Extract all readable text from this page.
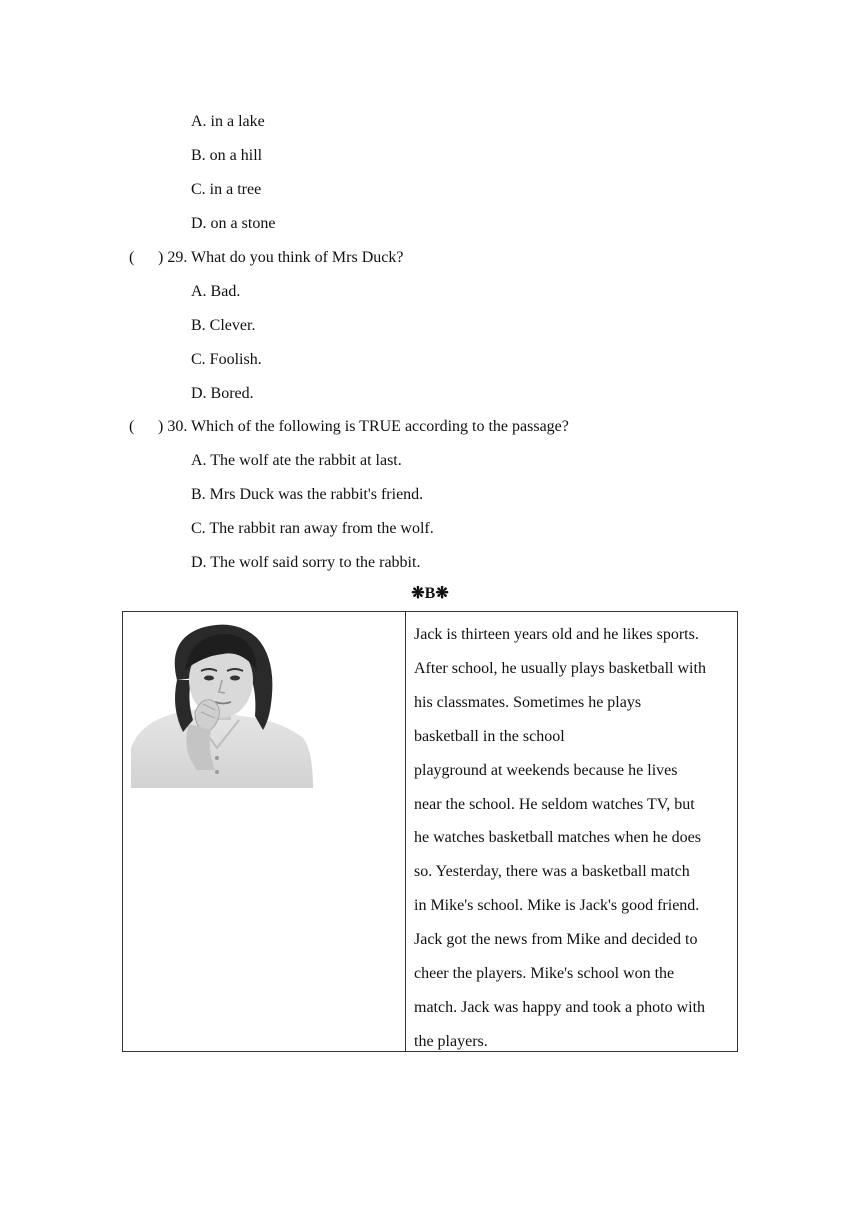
A. in a lake
B. on a hill
C. in a tree
D. on a stone
( ) 29. What do you think of Mrs Duck?
A. Bad.
B. Clever.
C. Foolish.
D. Bored.
( ) 30. Which of the following is TRUE according to the passage?
A. The wolf ate the rabbit at last.
B. Mrs Duck was the rabbit's friend.
C. The rabbit ran away from the wolf.
D. The wolf said sorry to the rabbit.
❋B❋
Jack is thirteen years old and he likes sports.
After school, he usually plays basketball with
his classmates. Sometimes he plays
basketball in the school
playground at weekends because he lives
near the school. He seldom watches TV, but
he watches basketball matches when he does
so. Yesterday, there was a basketball match
in Mike's school. Mike is Jack's good friend.
Jack got the news from Mike and decided to
cheer the players. Mike's school won the
match. Jack was happy and took a photo with
the players.
